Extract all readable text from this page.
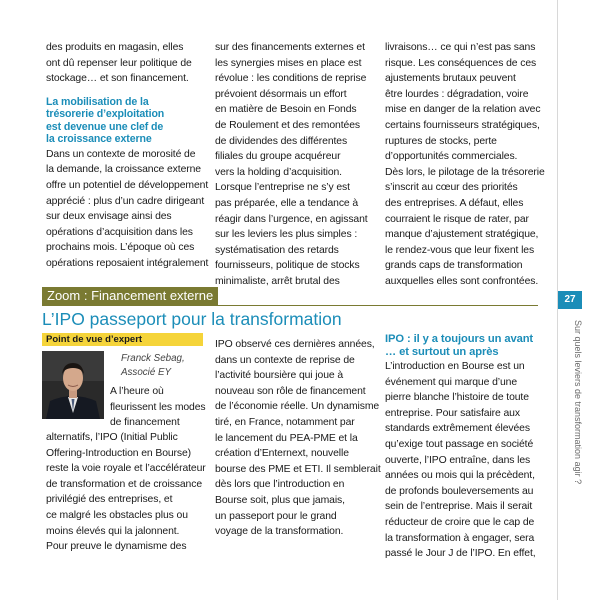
27
Sur quels leviers de transformation agir ?

des produits en magasin, elles

ont dû repenser leur politique de

stockage… et son financement.

La mobilisation de la

trésorerie d’exploitation

est devenue une clef de

la croissance externe

Dans un contexte de morosité de

la demande, la croissance externe

offre un potentiel de développement

apprécié : plus d’un cadre dirigeant

sur deux envisage ainsi des

opérations d’acquisition dans les

prochains mois. L’époque où ces

opérations reposaient intégralement

sur des financements externes et

les synergies mises en place est

révolue : les conditions de reprise

prévoient désormais un effort

en matière de Besoin en Fonds

de Roulement et des remontées

de dividendes des différentes

filiales du groupe acquéreur

vers la holding d’acquisition.

Lorsque l’entreprise ne s’y est

pas préparée, elle a tendance à

réagir dans l’urgence, en agissant

sur les leviers les plus simples :

systématisation des retards

fournisseurs, politique de stocks

minimaliste, arrêt brutal des

livraisons… ce qui n’est pas sans

risque. Les conséquences de ces

ajustements brutaux peuvent

être lourdes : dégradation, voire

mise en danger de la relation avec

certains fournisseurs stratégiques,

ruptures de stocks, perte

d’opportunités commerciales.

Dès lors, le pilotage de la trésorerie

s’inscrit au cœur des priorités

des entreprises. A défaut, elles

courraient le risque de rater, par

manque d’ajustement stratégique,

le rendez-vous que leur fixent les

grands caps de transformation

auxquelles elles sont confrontées.

Zoom : Financement externe
L’IPO passeport pour la transformation
Point de vue d’expert
Franck Sebag,
Associé EY

A l’heure où

fleurissent les modes

de financement

alternatifs, l’IPO (Initial Public

Offering-Introduction en Bourse)

reste la voie royale et l’accélérateur

de transformation et de croissance

privilégié des entreprises, et

ce malgré les obstacles plus ou

moins élevés qui la jalonnent.

Pour preuve le dynamisme des

IPO observé ces dernières années,

dans un contexte de reprise de

l’activité boursière qui joue à

nouveau son rôle de financement

de l’économie réelle. Un dynamisme

tiré, en France, notamment par

le lancement du PEA-PME et la

création d’Enternext, nouvelle

bourse des PME et ETI. Il semblerait

dès lors que l’introduction en

Bourse soit, plus que jamais,

un passeport pour le grand

voyage de la transformation.

IPO : il y a toujours un avant

… et surtout un après

L’introduction en Bourse est un

événement qui marque d’une

pierre blanche l’histoire de toute

entreprise. Pour satisfaire aux

standards extrêmement élevées

qu’exige tout passage en société

ouverte, l’IPO entraîne, dans les

années ou mois qui la précèdent,

de profonds bouleversements au

sein de l’entreprise. Mais il serait

réducteur de croire que le cap de

la transformation à engager, sera

passé le Jour J de l’IPO. En effet,
